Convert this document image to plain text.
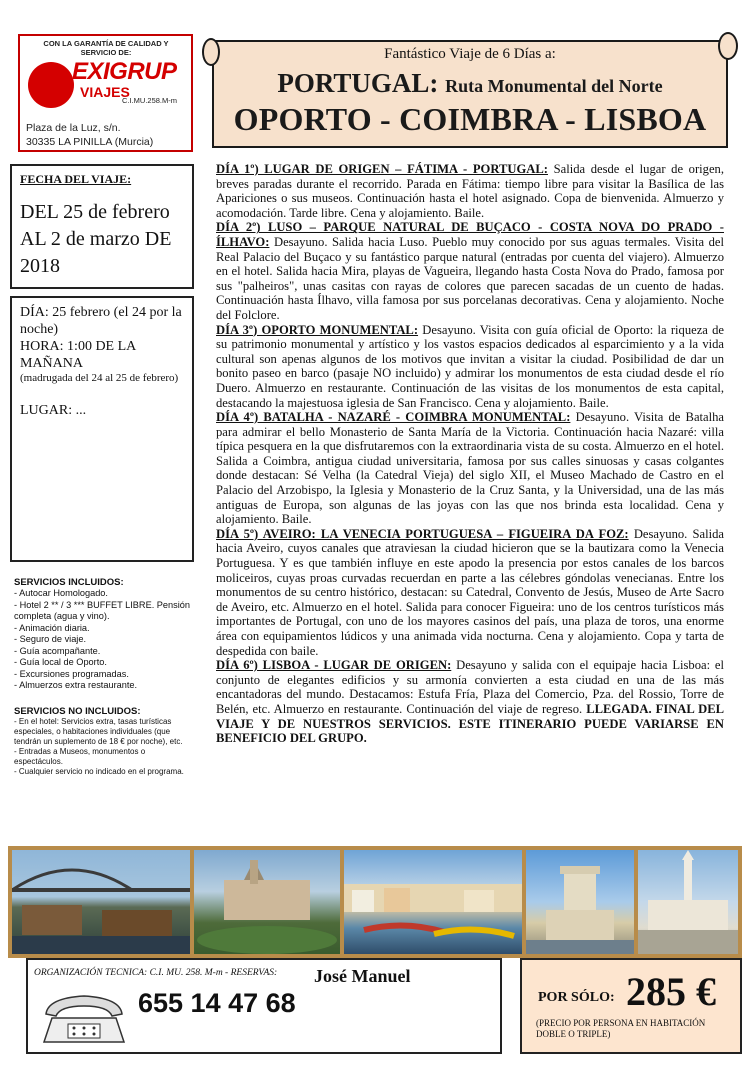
CON LA GARANTÍA DE CALIDAD Y SERVICIO DE:
EXIGRUP
VIAJES
C.I.MU.258.M-m
Plaza de la Luz, s/n.
30335 LA PINILLA (Murcia)
Fantástico Viaje de 6 Días a:
PORTUGAL: Ruta Monumental del Norte
OPORTO - COIMBRA - LISBOA
FECHA DEL VIAJE:
DEL 25 de febrero AL 2 de marzo DE 2018
DÍA: 25 febrero (el 24 por la noche)
HORA: 1:00 DE LA MAÑANA
(madrugada del 24 al 25 de febrero)
LUGAR: ...
SERVICIOS INCLUIDOS:
- Autocar Homologado.
- Hotel 2 ** / 3 *** BUFFET LIBRE. Pensión completa (agua y vino).
- Animación diaria.
- Seguro de viaje.
- Guía acompañante.
- Guía local de Oporto.
- Excursiones programadas.
- Almuerzos extra restaurante.
SERVICIOS NO INCLUIDOS:
- En el hotel: Servicios extra, tasas turísticas especiales, o habitaciones individuales (que tendrán un suplemento de 18 € por noche), etc.
- Entradas a Museos, monumentos o espectáculos.
- Cualquier servicio no indicado en el programa.

DÍA 1º) LUGAR DE ORIGEN – FÁTIMA - PORTUGAL: Salida desde el lugar de origen, breves paradas durante el recorrido. Parada en Fátima: tiempo libre para visitar la Basílica de las Apariciones o sus museos. Continuación hasta el hotel asignado. Copa de bienvenida. Almuerzo y acomodación. Tarde libre. Cena y alojamiento. Baile.

DÍA 2º) LUSO – PARQUE NATURAL DE BUÇACO - COSTA NOVA DO PRADO - ÍLHAVO: Desayuno. Salida hacia Luso. Pueblo muy conocido por sus aguas termales. Visita del Real Palacio del Buçaco y su fantástico parque natural (entradas por cuenta del viajero). Almuerzo en el hotel. Salida hacia Mira, playas de Vagueira, llegando hasta Costa Nova do Prado, famosa por sus "palheiros", unas casitas con rayas de colores que parecen sacadas de un cuento de hadas. Continuación hasta Ílhavo, villa famosa por sus porcelanas decorativas. Cena y alojamiento. Noche del Folclore.

DÍA 3º) OPORTO MONUMENTAL: Desayuno. Visita con guía oficial de Oporto: la riqueza de su patrimonio monumental y artístico y los vastos espacios dedicados al esparcimiento y a la vida cultural son apenas algunos de los motivos que invitan a visitar la ciudad. Posibilidad de dar un bonito paseo en barco (pasaje NO incluido) y admirar los monumentos de esta ciudad desde el río Duero. Almuerzo en restaurante. Continuación de las visitas de los monumentos de esta capital, destacando la majestuosa iglesia de San Francisco. Cena y alojamiento. Baile.

DÍA 4º) BATALHA - NAZARÉ - COIMBRA MONUMENTAL: Desayuno. Visita de Batalha para admirar el bello Monasterio de Santa María de la Victoria. Continuación hacia Nazaré: villa típica pesquera en la que disfrutaremos con la extraordinaria vista de su costa. Almuerzo en el hotel. Salida a Coimbra, antigua ciudad universitaria, famosa por sus calles sinuosas y casas colgantes donde destacan: Sé Velha (la Catedral Vieja) del siglo XII, el Museo Machado de Castro en el Palacio del Arzobispo, la Iglesia y Monasterio de la Cruz Santa, y la Universidad, una de las más antiguas de Europa, son algunas de las joyas con las que nos brinda esta localidad. Cena y alojamiento. Baile.

DÍA 5º) AVEIRO: LA VENECIA PORTUGUESA – FIGUEIRA DA FOZ: Desayuno. Salida hacia Aveiro, cuyos canales que atraviesan la ciudad hicieron que se la bautizara como la Venecia Portuguesa. Y es que también influye en este apodo la presencia por estos canales de los barcos moliceiros, cuyas proas curvadas recuerdan en parte a las célebres góndolas venecianas. Entre los monumentos de su centro histórico, destacan: su Catedral, Convento de Jesús, Museo de Arte Sacro de Aveiro, etc. Almuerzo en el hotel. Salida para conocer Figueira: uno de los centros turísticos más importantes de Portugal, con uno de los mayores casinos del país, una plaza de toros, una enorme área con equipamientos lúdicos y una animada vida nocturna. Cena y alojamiento. Copa y tarta de despedida con baile.

DÍA 6º) LISBOA - LUGAR DE ORIGEN: Desayuno y salida con el equipaje hacia Lisboa: el conjunto de elegantes edificios y su armonía convierten a esta ciudad en una de las más encantadoras del mundo. Destacamos: Estufa Fría, Plaza del Comercio, Pza. del Rossio, Torre de Belén, etc. Almuerzo en restaurante. Continuación del viaje de regreso. LLEGADA. FINAL DEL VIAJE Y DE NUESTROS SERVICIOS. ESTE ITINERARIO PUEDE VARIARSE EN BENEFICIO DEL GRUPO.

ORGANIZACIÓN TECNICA: C.I. MU. 258. M-m - RESERVAS: José Manuel
655 14 47 68	POR SÓLO: 285 €
(PRECIO POR PERSONA EN HABITACIÓN DOBLE O TRIPLE)
